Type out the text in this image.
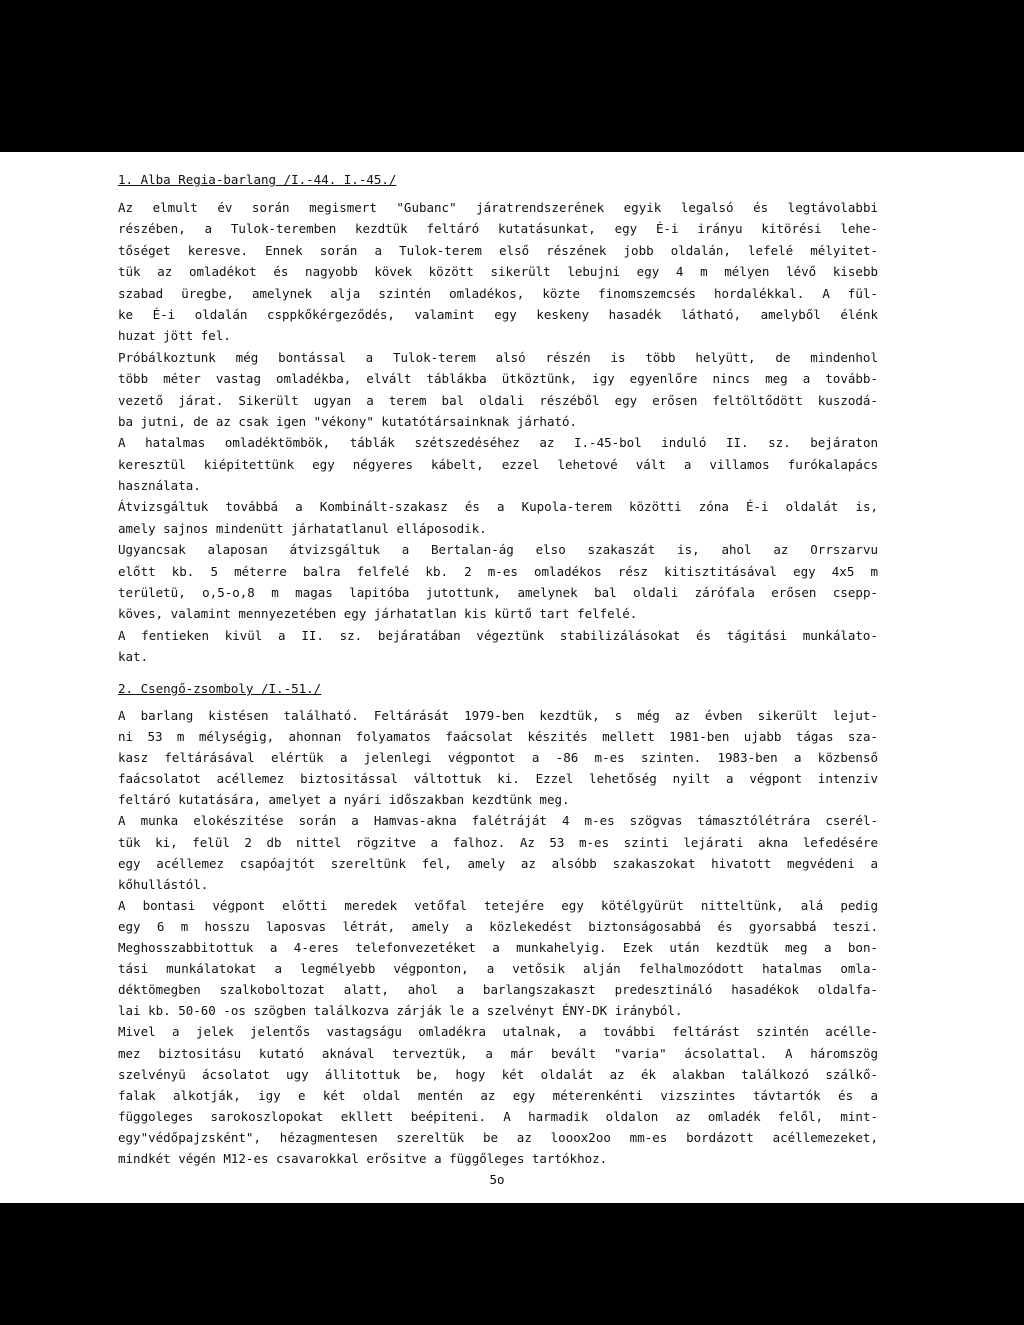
1. Alba Regia-barlang /I.-44. I.-45./
Az elmult év során megismert "Gubanc" járatrendszerének egyik legalsó és legtávolabbi
részében, a Tulok-teremben kezdtük feltáró kutatásunkat, egy É-i irányu kitörési lehe-
tőséget keresve. Ennek során a Tulok-terem első részének jobb oldalán, lefelé mélyitet-
tük az omladékot és nagyobb kövek között sikerült lebujni egy 4 m mélyen lévő kisebb
szabad üregbe, amelynek alja szintén omladékos, közte finomszemcsés hordalékkal. A fül-
ke É-i oldalán csppkőkérgeződés, valamint egy keskeny hasadék látható, amelyből élénk
huzat jött fel.
Próbálkoztunk még bontással a Tulok-terem alsó részén is több helyütt, de mindenhol
több méter vastag omladékba, elvált táblákba ütköztünk, igy egyenlőre nincs meg a tovább-
vezető járat. Sikerült ugyan a terem bal oldali részéből egy erősen feltöltődött kuszodá-
ba jutni, de az csak igen "vékony" kutatótársainknak járható.
A hatalmas omladéktömbök, táblák szétszedéséhez az I.-45-bol induló II. sz. bejáraton
keresztül kiépitettünk egy négyeres kábelt, ezzel lehetové vált a villamos furókalapács
használata.
Átvizsgáltuk továbbá a Kombinált-szakasz és a Kupola-terem közötti zóna É-i oldalát is,
amely sajnos mindenütt járhatatlanul elláposodik.
Ugyancsak alaposan átvizsgáltuk a Bertalan-ág elso szakaszát is, ahol az Orrszarvu
előtt kb. 5 méterre balra felfelé kb. 2 m-es omladékos rész kitisztitásával egy 4x5 m
területü, o,5-o,8 m magas lapitóba jutottunk, amelynek bal oldali zárófala erősen csepp-
köves, valamint mennyezetében egy járhatatlan kis kürtő tart felfelé.
A fentieken kivül a II. sz. bejáratában végeztünk stabilizálásokat és tágitási munkálato-
kat.
2. Csengő-zsomboly /I.-51./
A barlang kistésen található. Feltárását 1979-ben kezdtük, s még az évben sikerült lejut-
ni 53 m mélységig, ahonnan folyamatos faácsolat készités mellett 1981-ben ujabb tágas sza-
kasz feltárásával elértük a jelenlegi végpontot a -86 m-es szinten. 1983-ben a közbenső
faácsolatot acéllemez biztositással váltottuk ki. Ezzel lehetőség nyilt a végpont intenziv
feltáró kutatására, amelyet a nyári időszakban kezdtünk meg.
A munka elokészitése során a Hamvas-akna falétráját 4 m-es szögvas támasztólétrára cserél-
tük ki, felül 2 db nittel rögzitve a falhoz. Az 53 m-es szinti lejárati akna lefedésére
egy acéllemez csapóajtót szereltünk fel, amely az alsóbb szakaszokat hivatott megvédeni a
kőhullástól.
A bontasi végpont előtti meredek vetőfal tetejére egy kötélgyürüt nitteltünk, alá pedig
egy 6 m hosszu laposvas létrát, amely a közlekedést biztonságosabbá és gyorsabbá teszi.
Meghosszabbitottuk a 4-eres telefonvezetéket a munkahelyig. Ezek után kezdtük meg a bon-
tási munkálatokat a legmélyebb végponton, a vetősik alján felhalmozódott hatalmas omla-
déktömegben szalkoboltozat alatt, ahol a barlangszakaszt predesztináló hasadékok oldalfa-
lai kb. 50-60 -os szögben találkozva zárják le a szelvényt ÉNY-DK irányból.
Mivel a jelek jelentős vastagságu omladékra utalnak, a további feltárást szintén acélle-
mez biztositásu kutató aknával terveztük, a már bevált "varia" ácsolattal. A háromszög
szelvényü ácsolatot ugy állitottuk be, hogy két oldalát az ék alakban találkozó szálkő-
falak alkotják, igy e két oldal mentén az egy méterenkénti vizszintes távtartók és a
függoleges sarokoszlopokat ekllett beépiteni. A harmadik oldalon az omladék felől, mint-
egy"védőpajzsként", hézagmentesen szereltük be az loooх2oo mm-es bordázott acéllemezeket,
mindkét végén M12-es csavarokkal erősitve a függőleges tartókhoz.
5o
